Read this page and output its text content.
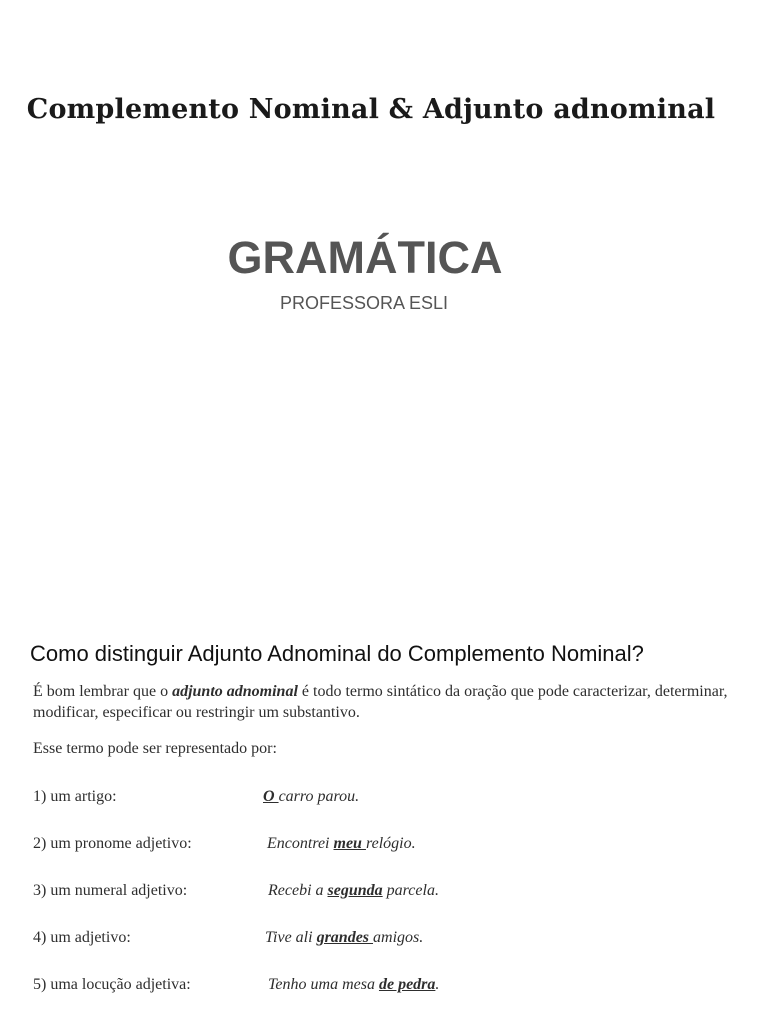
Complemento Nominal & Adjunto adnominal
GRAMÁTICA
PROFESSORA ESLI
Como distinguir Adjunto Adnominal do Complemento Nominal?

É bom lembrar que o adjunto adnominal é todo termo sintático da oração que pode caracterizar, determinar, modificar, especificar ou restringir um substantivo.

Esse termo pode ser representado por:

1) um artigo:	O carro parou.
2) um pronome adjetivo:	Encontrei meu relógio.
3) um numeral adjetivo:	Recebi a segunda parcela.
4) um adjetivo:	Tive ali grandes amigos.
5) uma locução adjetiva:	Tenho uma mesa de pedra.
